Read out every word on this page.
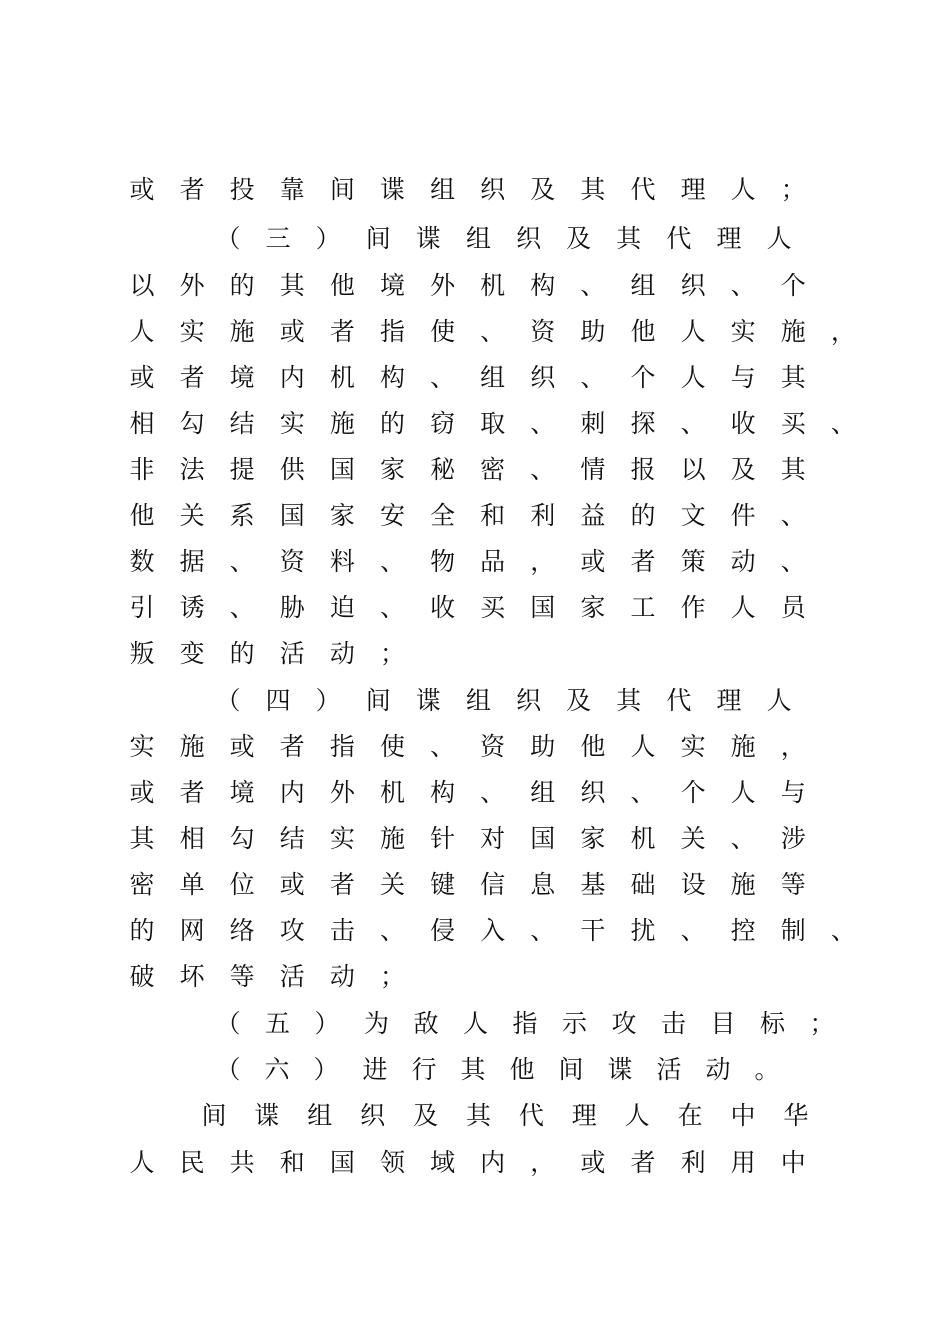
或 者 投 靠 间 谍 组 织 及 其 代 理 人 ；
（ 三 ） 间 谍 组 织 及 其 代 理 人
以 外 的 其 他 境 外 机 构 、 组 织 、 个
人 实 施 或 者 指 使 、 资 助 他 人 实 施 ，
或 者 境 内 机 构 、 组 织 、 个 人 与 其
相 勾 结 实 施 的 窃 取 、 刺 探 、 收 买 、
非 法 提 供 国 家 秘 密 、 情 报 以 及 其
他 关 系 国 家 安 全 和 利 益 的 文 件 、
数 据 、 资 料 、 物 品 ， 或 者 策 动 、
引 诱 、 胁 迫 、 收 买 国 家 工 作 人 员
叛 变 的 活 动 ；
（ 四 ） 间 谍 组 织 及 其 代 理 人
实 施 或 者 指 使 、 资 助 他 人 实 施 ，
或 者 境 内 外 机 构 、 组 织 、 个 人 与
其 相 勾 结 实 施 针 对 国 家 机 关 、 涉
密 单 位 或 者 关 键 信 息 基 础 设 施 等
的 网 络 攻 击 、 侵 入 、 干 扰 、 控 制 、
破 坏 等 活 动 ；
（ 五 ） 为 敌 人 指 示 攻 击 目 标 ；
（ 六 ） 进 行 其 他 间 谍 活 动 。
间 谍 组 织 及 其 代 理 人 在 中 华
人 民 共 和 国 领 域 内 ， 或 者 利 用 中
